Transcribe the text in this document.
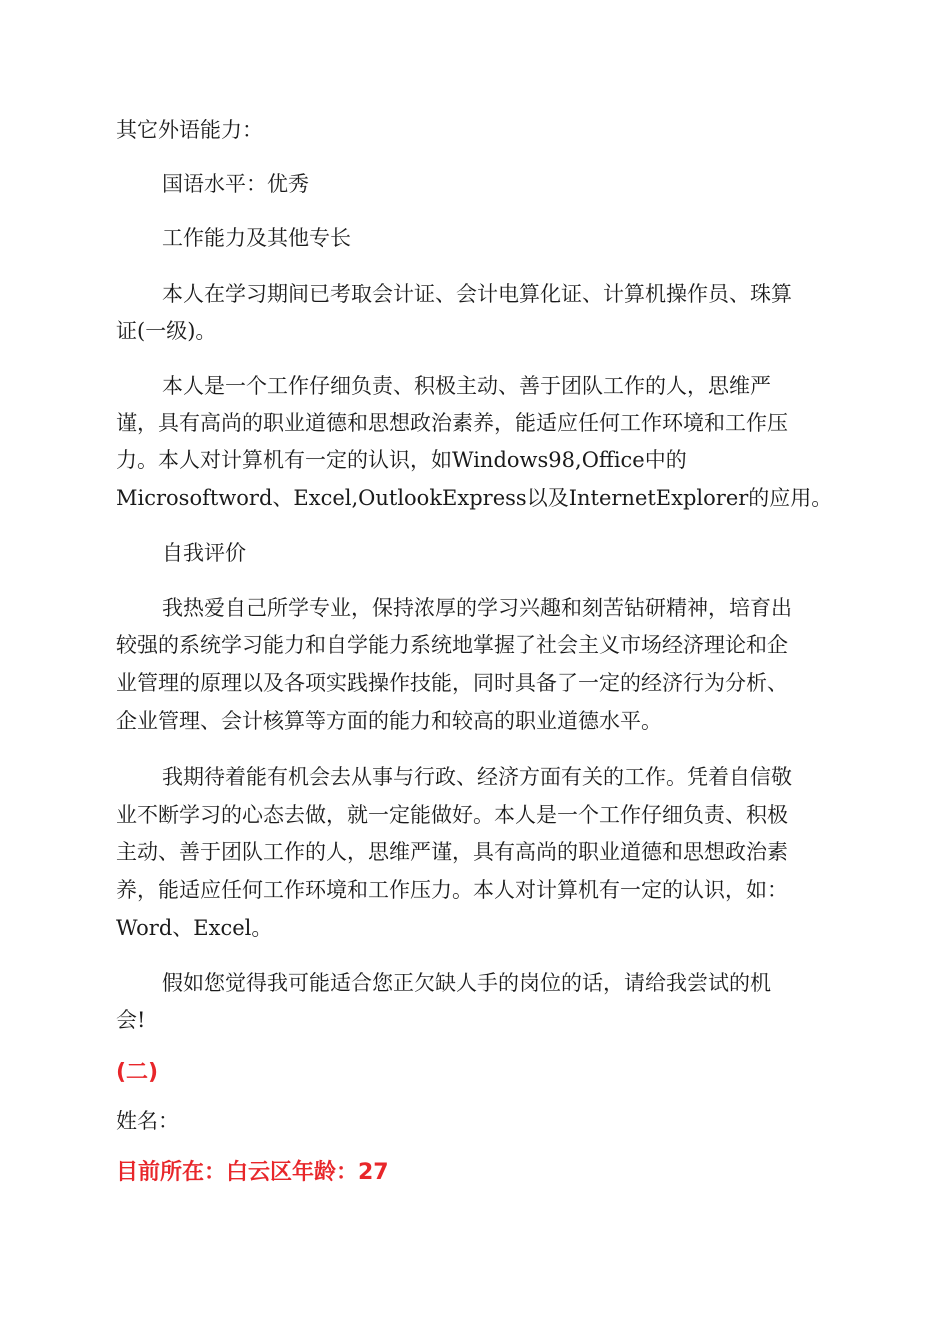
其它外语能力：

国语水平：优秀

工作能力及其他专长

本人在学习期间已考取会计证、会计电算化证、计算机操作员、珠算

证(一级)。

本人是一个工作仔细负责、积极主动、善于团队工作的人，思维严

谨，具有高尚的职业道德和思想政治素养，能适应任何工作环境和工作压

力。本人对计算机有一定的认识，如Windows98,Office中的

Microsoftword、Excel,OutlookExpress以及InternetExplorer的应用。

自我评价

我热爱自己所学专业，保持浓厚的学习兴趣和刻苦钻研精神，培育出

较强的系统学习能力和自学能力系统地掌握了社会主义市场经济理论和企

业管理的原理以及各项实践操作技能，同时具备了一定的经济行为分析、

企业管理、会计核算等方面的能力和较高的职业道德水平。

我期待着能有机会去从事与行政、经济方面有关的工作。凭着自信敬

业不断学习的心态去做，就一定能做好。本人是一个工作仔细负责、积极

主动、善于团队工作的人，思维严谨，具有高尚的职业道德和思想政治素

养，能适应任何工作环境和工作压力。本人对计算机有一定的认识，如：

Word、Excel。

假如您觉得我可能适合您正欠缺人手的岗位的话，请给我尝试的机

会!

(二)

姓名：

目前所在：白云区年龄：27
